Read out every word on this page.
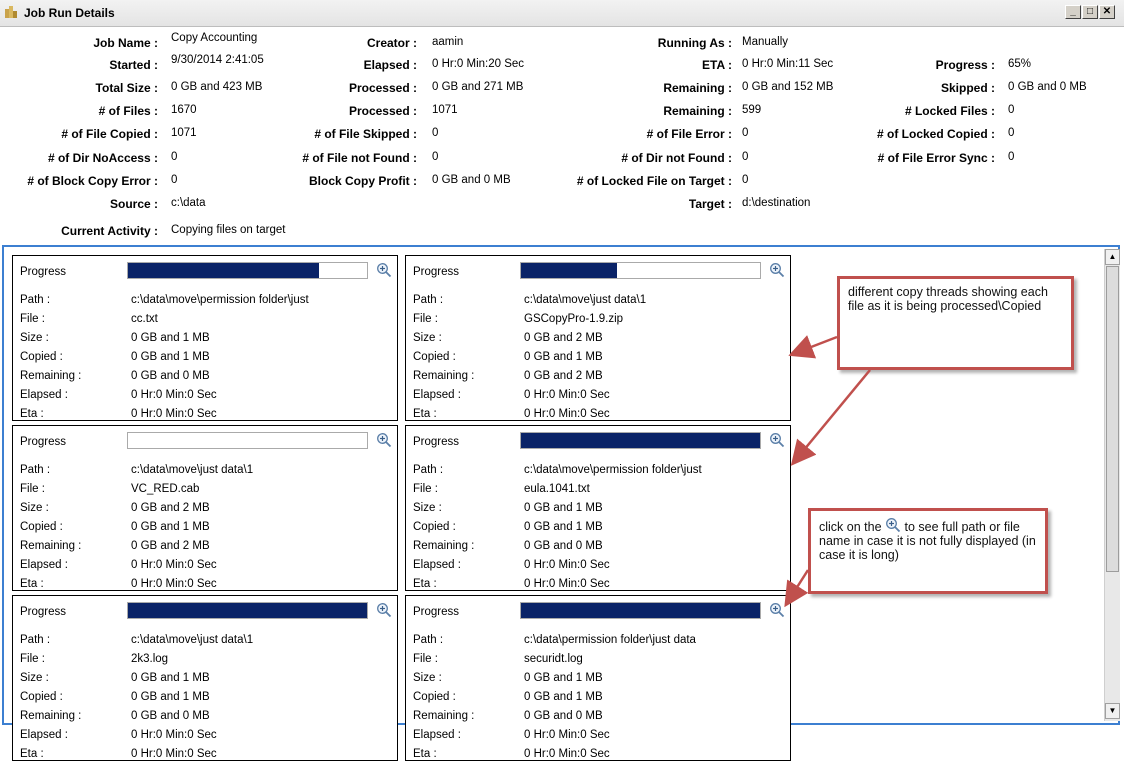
Job Run Details	_	□ ✕
Job Name : Copy Accounting	Creator : aamin	Running As : Manually
Started : 9/30/2014 2:41:05	Elapsed : 0 Hr:0 Min:20 Sec	ETA : 0 Hr:0 Min:11 Sec	Progress : 65%
Total Size : 0 GB and 423 MB	Processed : 0 GB and 271 MB	Remaining : 0 GB and 152 MB	Skipped : 0 GB and 0 MB
# of Files : 1670	Processed : 1071	Remaining : 599	# Locked Files : 0
# of File Copied : 1071	# of File Skipped : 0	# of File Error : 0	# of Locked Copied : 0
# of Dir NoAccess : 0	# of File not Found : 0	# of Dir not Found : 0	# of File Error Sync : 0
# of Block Copy Error : 0	Block Copy Profit : 0 GB and 0 MB	# of Locked File on Target : 0
Source : c:\data	Target : d:\destination
Current Activity : Copying files on target
Progress
Path :	c:\data\move\permission folder\just
File :	cc.txt
Size :	0 GB and 1 MB
Copied :	0 GB and 1 MB
Remaining :	0 GB and 0 MB
Elapsed :	0 Hr:0 Min:0 Sec
Eta :	0 Hr:0 Min:0 Sec
Progress
Path :	c:\data\move\just data\1
File :	GSCopyPro-1.9.zip
Size :	0 GB and 2 MB
Copied :	0 GB and 1 MB
Remaining :	0 GB and 2 MB
Elapsed :	0 Hr:0 Min:0 Sec
Eta :	0 Hr:0 Min:0 Sec
Progress
Path :	c:\data\move\just data\1
File :	VC_RED.cab
Size :	0 GB and 2 MB
Copied :	0 GB and 1 MB
Remaining :	0 GB and 2 MB
Elapsed :	0 Hr:0 Min:0 Sec
Eta :	0 Hr:0 Min:0 Sec
Progress
Path :	c:\data\move\permission folder\just
File :	eula.1041.txt
Size :	0 GB and 1 MB
Copied :	0 GB and 1 MB
Remaining :	0 GB and 0 MB
Elapsed :	0 Hr:0 Min:0 Sec
Eta :	0 Hr:0 Min:0 Sec
Progress
Path :	c:\data\move\just data\1
File :	2k3.log
Size :	0 GB and 1 MB
Copied :	0 GB and 1 MB
Remaining :	0 GB and 0 MB
Elapsed :	0 Hr:0 Min:0 Sec
Eta :	0 Hr:0 Min:0 Sec
Progress
Path :	c:\data\permission folder\just data
File :	securidt.log
Size :	0 GB and 1 MB
Copied :	0 GB and 1 MB
Remaining :	0 GB and 0 MB
Elapsed :	0 Hr:0 Min:0 Sec
Eta :	0 Hr:0 Min:0 Sec
▲
▼
different copy threads showing each file as it is being processed\Copied
click on the to see full path or file name in case it is not fully displayed (in case it is long)
